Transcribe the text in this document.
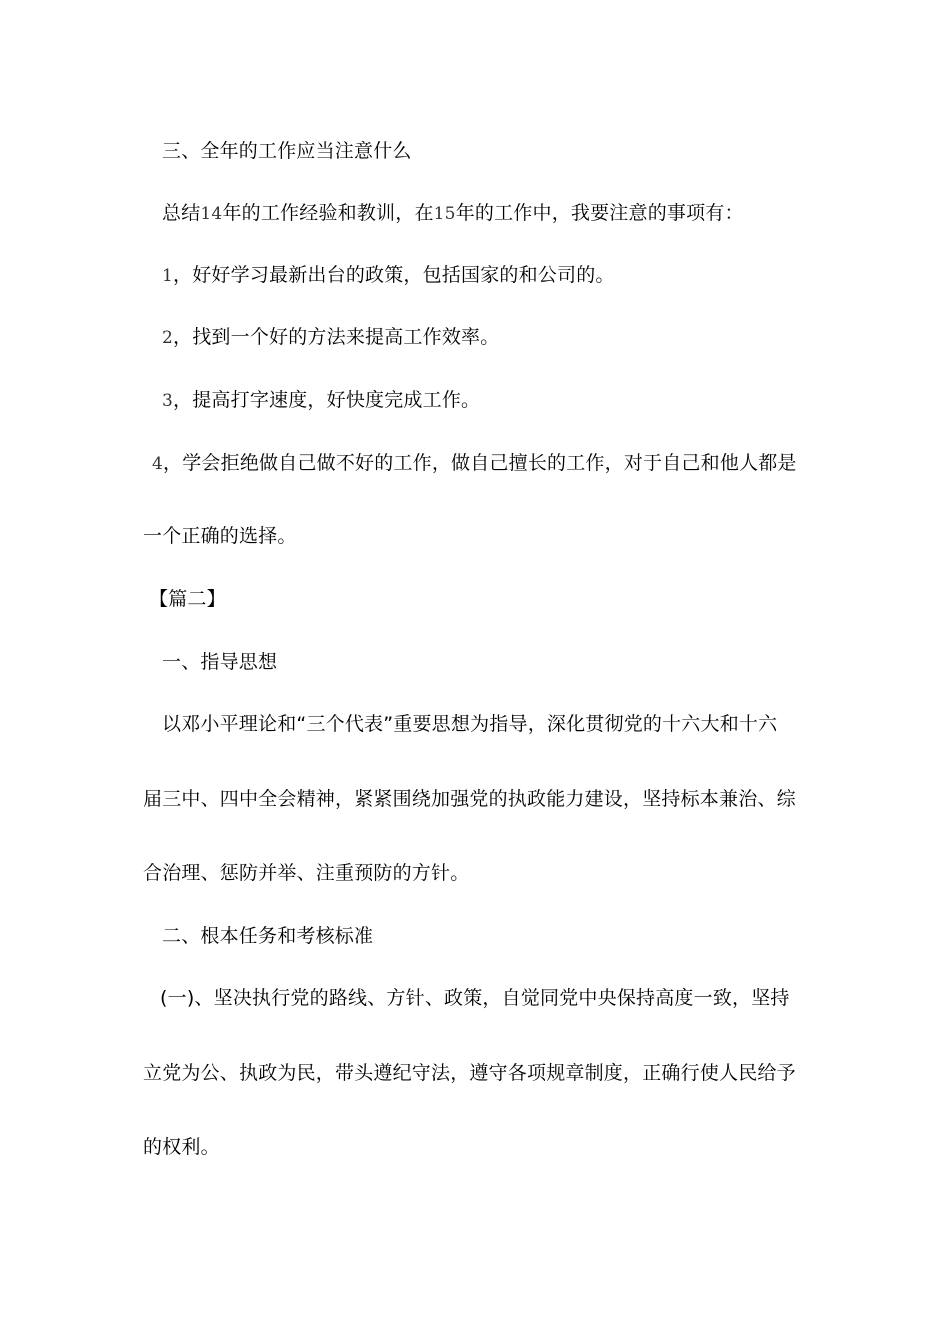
三、全年的工作应当注意什么
总结14年的工作经验和教训，在15年的工作中，我要注意的事项有：
1，好好学习最新出台的政策，包括国家的和公司的。
2，找到一个好的方法来提高工作效率。
3，提高打字速度，好快度完成工作。
4，学会拒绝做自己做不好的工作，做自己擅长的工作，对于自己和他人都是
一个正确的选择。
【篇二】
一、指导思想
以邓小平理论和“三个代表”重要思想为指导，深化贯彻党的十六大和十六
届三中、四中全会精神，紧紧围绕加强党的执政能力建设，坚持标本兼治、综
合治理、惩防并举、注重预防的方针。
二、根本任务和考核标准
(一)、坚决执行党的路线、方针、政策，自觉同党中央保持高度一致，坚持
立党为公、执政为民，带头遵纪守法，遵守各项规章制度，正确行使人民给予
的权利。
